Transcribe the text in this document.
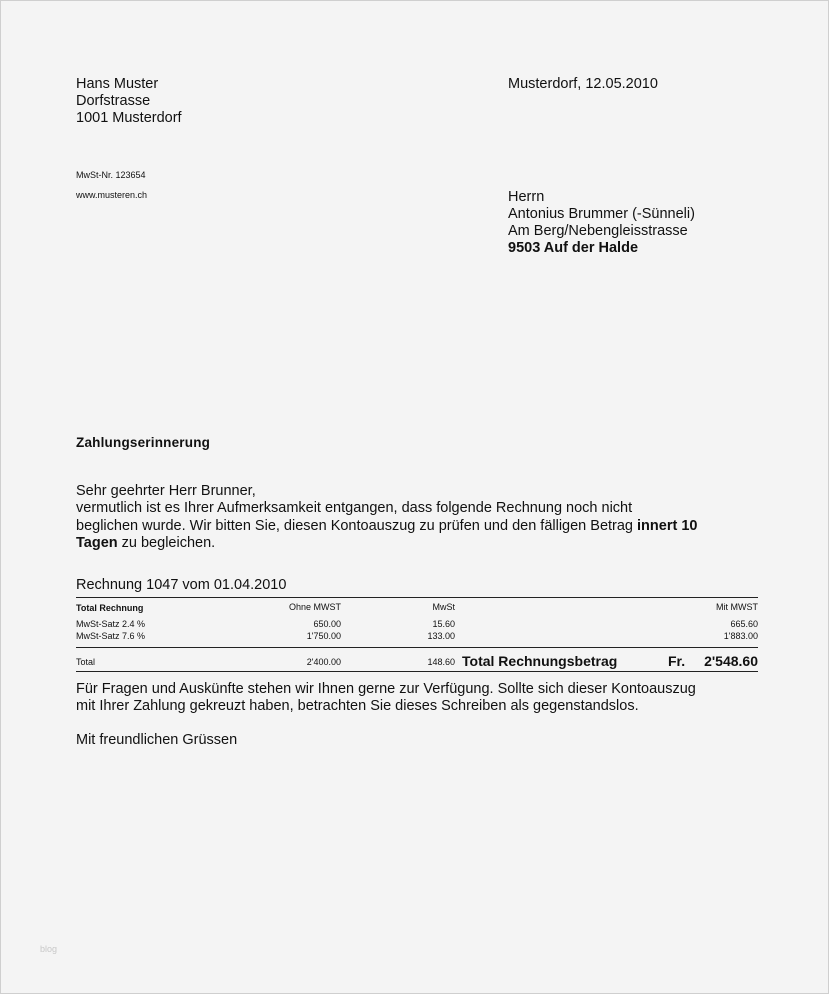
Hans Muster
Dorfstrasse
1001 Musterdorf
Musterdorf, 12.05.2010
MwSt-Nr. 123654
www.musteren.ch	Herrn
Antonius Brummer (-Sünneli)
Am Berg/Nebengleisstrasse
9503 Auf der Halde
Zahlungserinnerung

Sehr geehrter Herr Brunner,

vermutlich ist es Ihrer Aufmerksamkeit entgangen, dass folgende Rechnung noch nicht

beglichen wurde. Wir bitten Sie, diesen Kontoauszug zu prüfen und den fälligen Betrag innert 10

Tagen zu begleichen.

Rechnung 1047 vom 01.04.2010
Total Rechnung	Ohne MWST	MwSt	Mit MWST
MwSt-Satz 2.4 %	650.00	15.60	665.60
MwSt-Satz 7.6 %	1'750.00	133.00	1'883.00
Total	2'400.00	148.60 Total Rechnungsbetrag	Fr.	2'548.60
Für Fragen und Auskünfte stehen wir Ihnen gerne zur Verfügung. Sollte sich dieser Kontoauszug
mit Ihrer Zahlung gekreuzt haben, betrachten Sie dieses Schreiben als gegenstandslos.
Mit freundlichen Grüssen
blog
